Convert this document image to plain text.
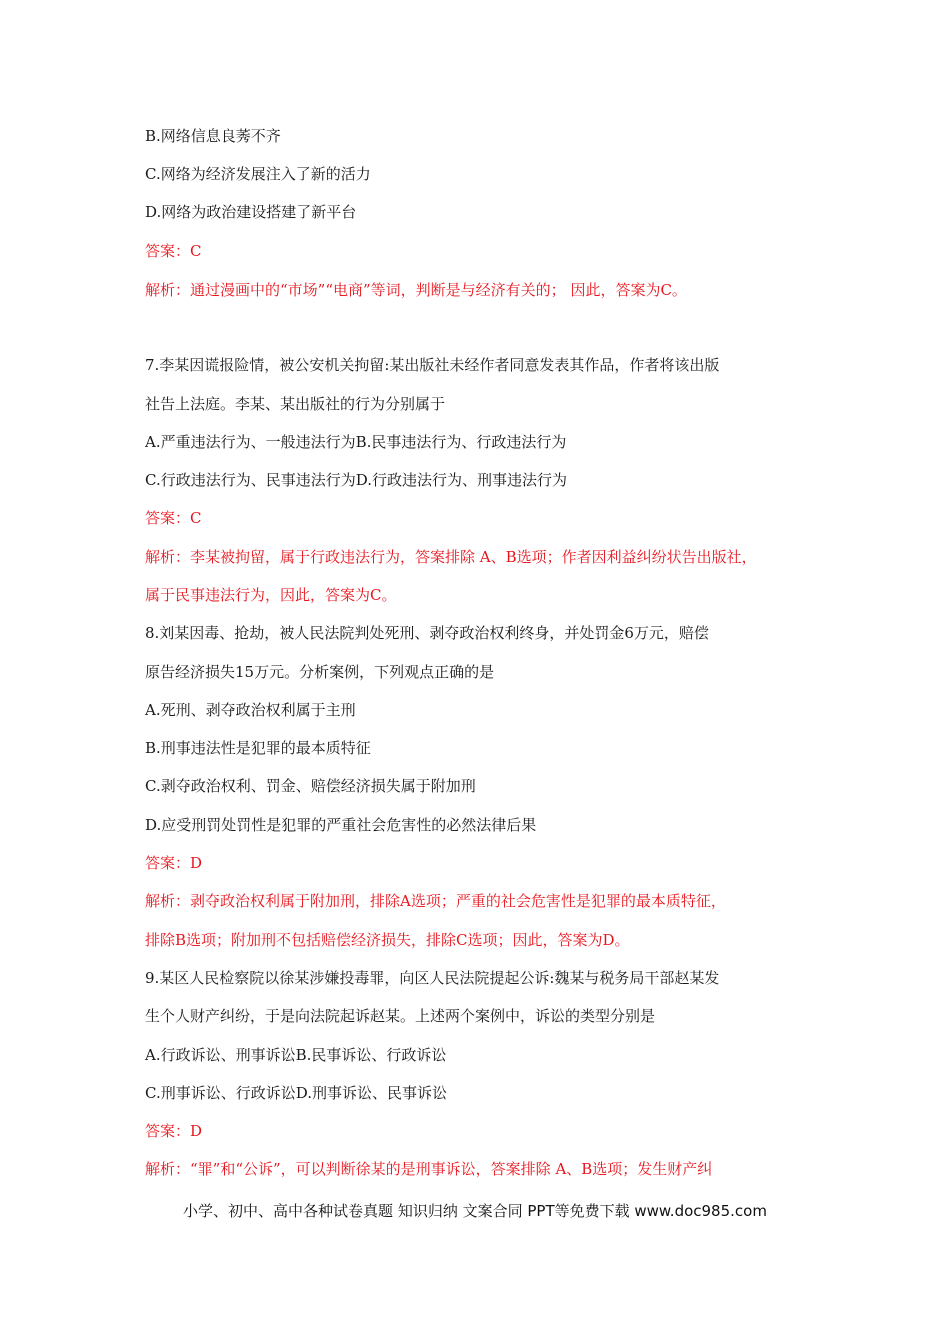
B.网络信息良莠不齐
C.网络为经济发展注入了新的活力
D.网络为政治建设搭建了新平台
答案：C
解析：通过漫画中的“市场”“电商”等词，判断是与经济有关的； 因此，答案为C。
7.李某因谎报险情，被公安机关拘留:某出版社未经作者同意发表其作品，作者将该出版
社告上法庭。李某、某出版社的行为分别属于
A.严重违法行为、一般违法行为B.民事违法行为、行政违法行为
C.行政违法行为、民事违法行为D.行政违法行为、刑事违法行为
答案：C
解析：李某被拘留，属于行政违法行为，答案排除 A、B选项；作者因利益纠纷状告出版社，
属于民事违法行为，因此，答案为C。
8.刘某因毒、抢劫，被人民法院判处死刑、剥夺政治权利终身，并处罚金6万元，赔偿
原告经济损失15万元。分析案例，下列观点正确的是
A.死刑、剥夺政治权利属于主刑
B.刑事违法性是犯罪的最本质特征
C.剥夺政治权利、罚金、赔偿经济损失属于附加刑
D.应受刑罚处罚性是犯罪的严重社会危害性的必然法律后果
答案：D
解析：剥夺政治权利属于附加刑，排除A选项；严重的社会危害性是犯罪的最本质特征，
排除B选项；附加刑不包括赔偿经济损失，排除C选项；因此，答案为D。
9.某区人民检察院以徐某涉嫌投毒罪，向区人民法院提起公诉:魏某与税务局干部赵某发
生个人财产纠纷，于是向法院起诉赵某。上述两个案例中，诉讼的类型分别是
A.行政诉讼、刑事诉讼B.民事诉讼、行政诉讼
C.刑事诉讼、行政诉讼D.刑事诉讼、民事诉讼
答案：D
解析：“罪”和“公诉”，可以判断徐某的是刑事诉讼，答案排除 A、B选项；发生财产纠
小学、初中、高中各种试卷真题 知识归纳 文案合同 PPT等免费下载 www.doc985.com
